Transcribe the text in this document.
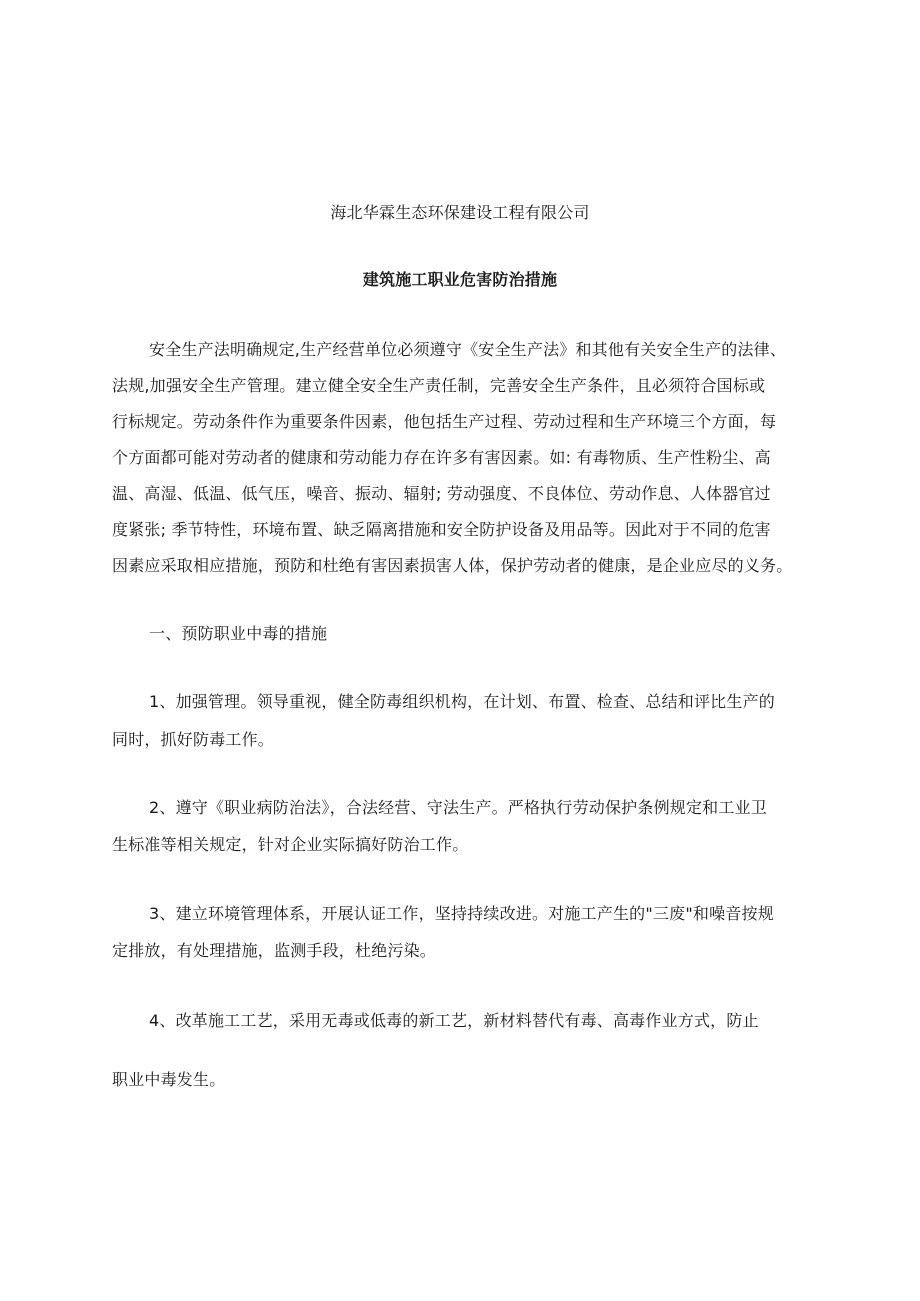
海北华霖生态环保建设工程有限公司
建筑施工职业危害防治措施
安全生产法明确规定,生产经营单位必须遵守《安全生产法》和其他有关安全生产的法律、
法规,加强安全生产管理。建立健全安全生产责任制，完善安全生产条件，且必须符合国标或
行标规定。劳动条件作为重要条件因素，他包括生产过程、劳动过程和生产环境三个方面，每
个方面都可能对劳动者的健康和劳动能力存在许多有害因素。如: 有毒物质、生产性粉尘、高
温、高湿、低温、低气压，噪音、振动、辐射; 劳动强度、不良体位、劳动作息、人体器官过
度紧张; 季节特性，环境布置、缺乏隔离措施和安全防护设备及用品等。因此对于不同的危害
因素应采取相应措施，预防和杜绝有害因素损害人体，保护劳动者的健康，是企业应尽的义务。
一、预防职业中毒的措施
1、加强管理。领导重视，健全防毒组织机构，在计划、布置、检查、总结和评比生产的
同时，抓好防毒工作。
2、遵守《职业病防治法》，合法经营、守法生产。严格执行劳动保护条例规定和工业卫
生标准等相关规定，针对企业实际搞好防治工作。
3、建立环境管理体系，开展认证工作，坚持持续改进。对施工产生的"三废"和噪音按规
定排放，有处理措施，监测手段，杜绝污染。
4、改革施工工艺，采用无毒或低毒的新工艺，新材料替代有毒、高毒作业方式，防止
职业中毒发生。
